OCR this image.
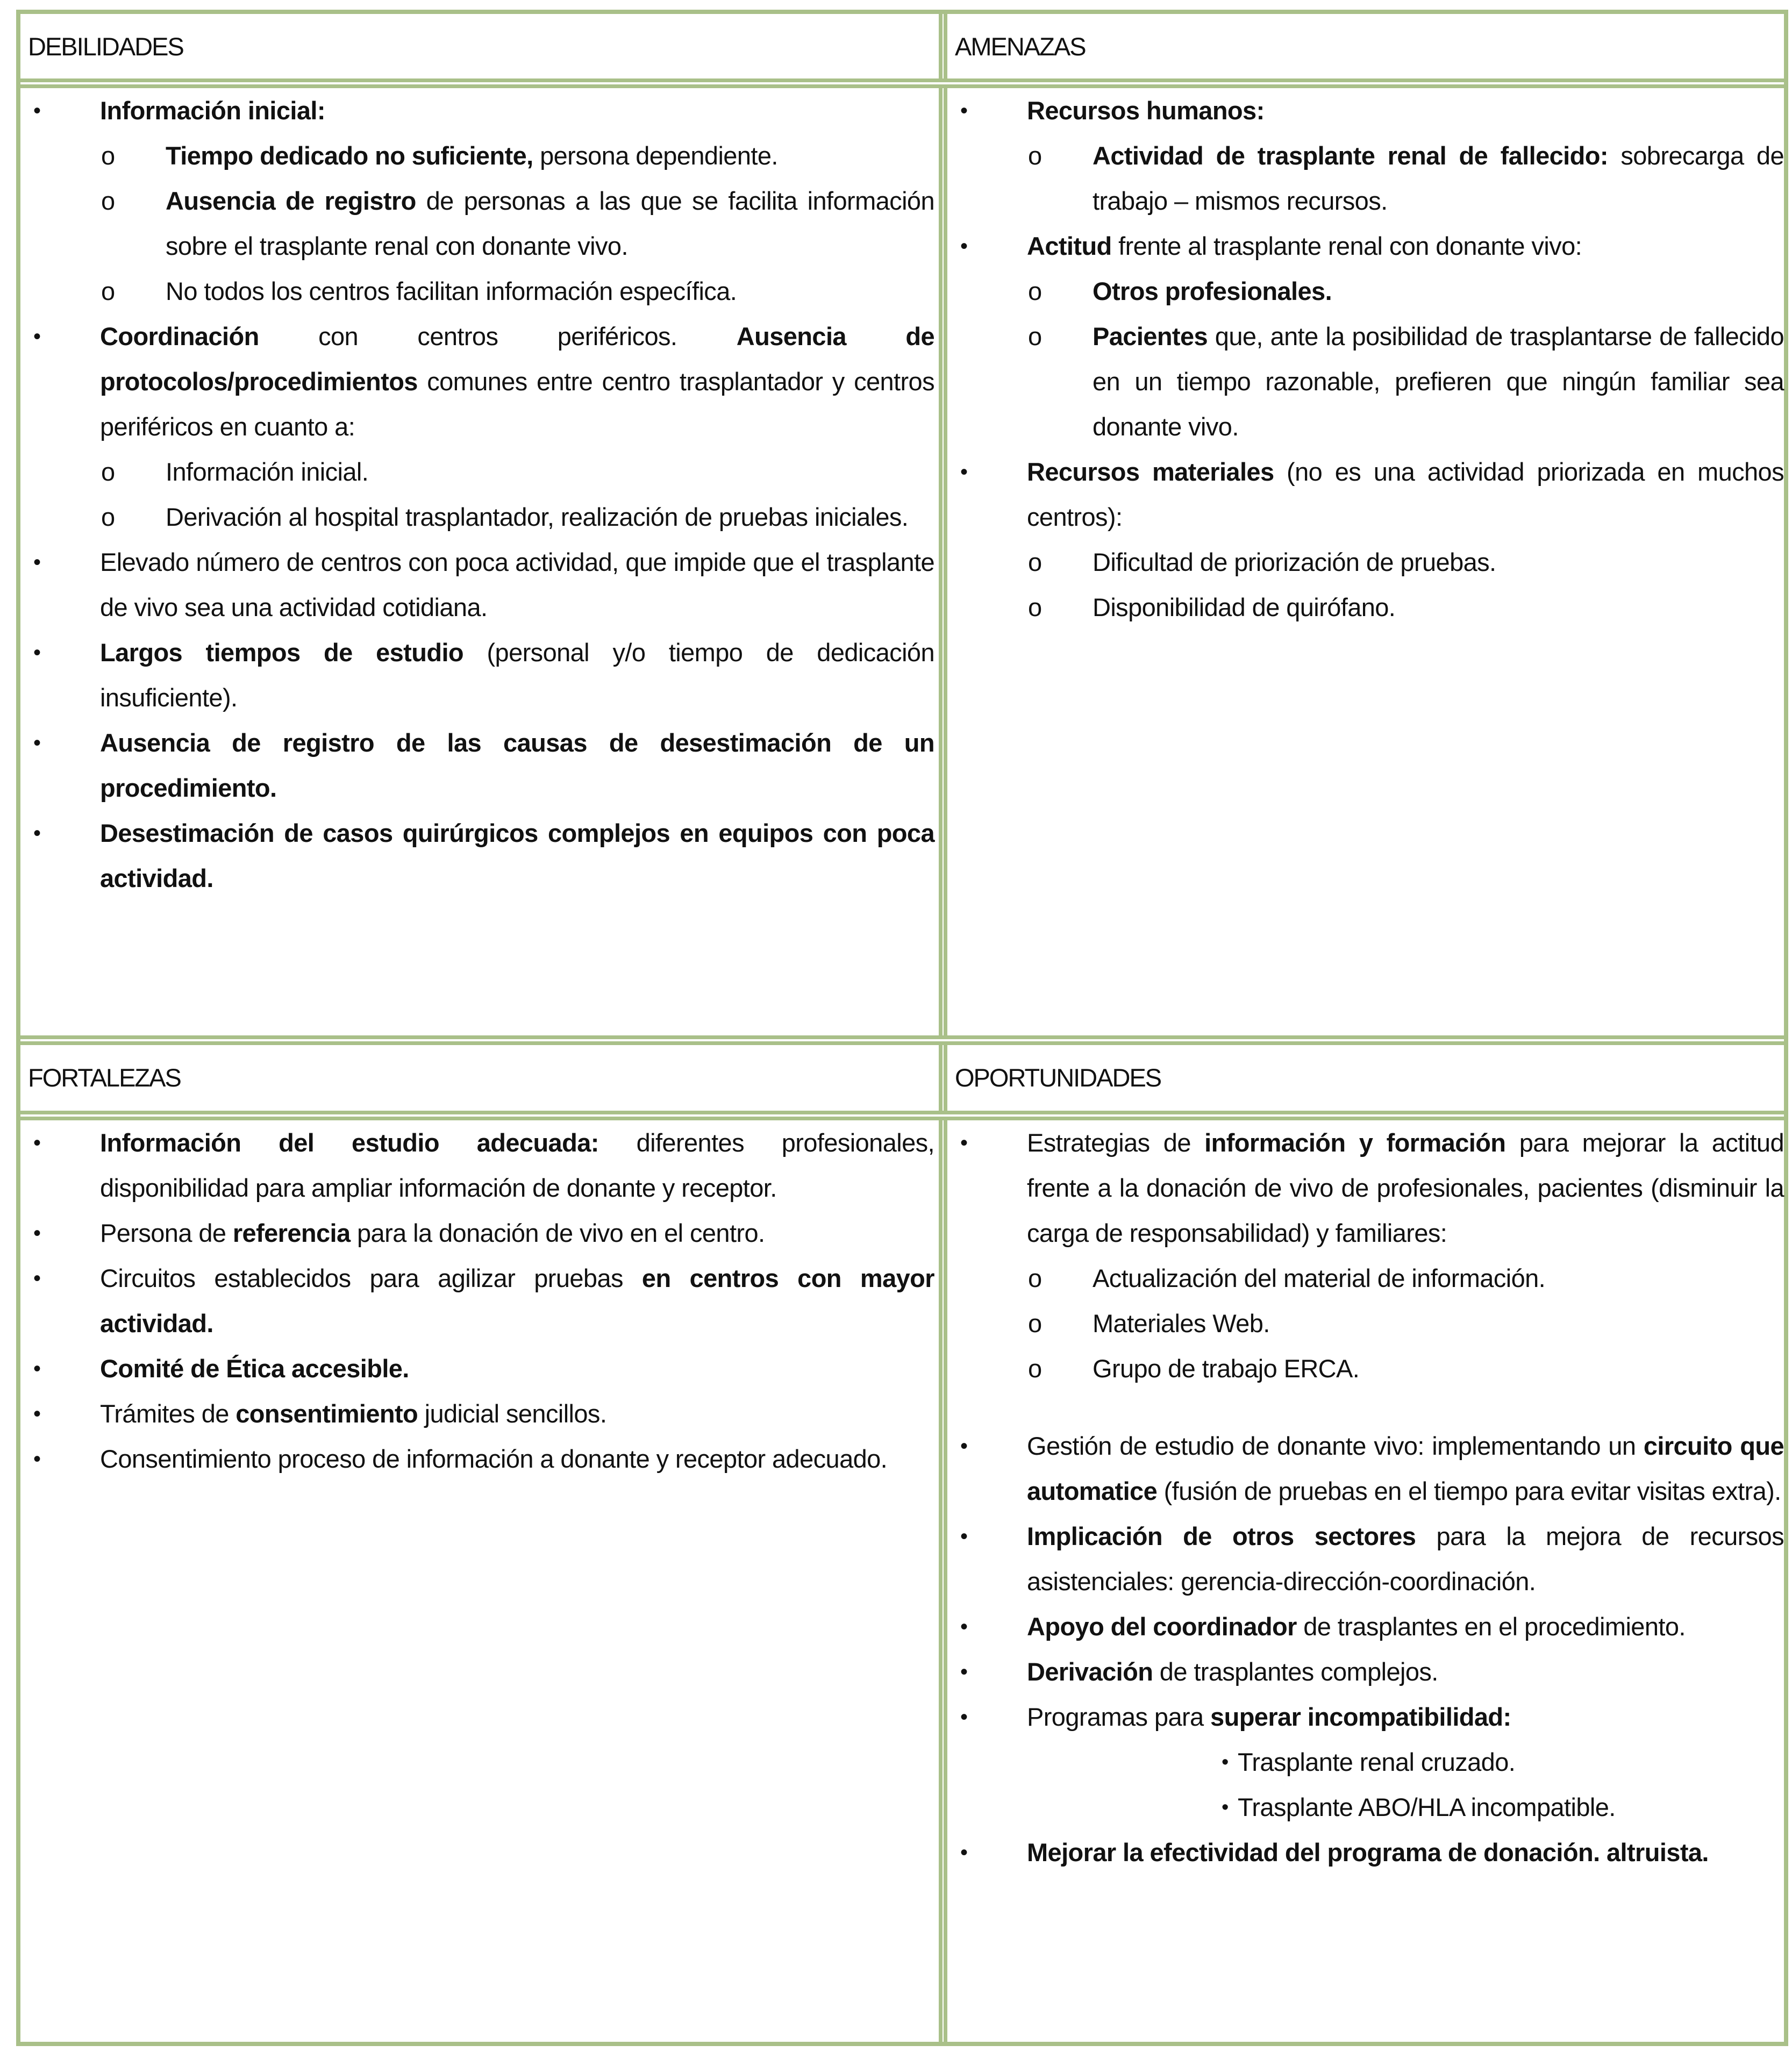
DEBILIDADES	AMENAZAS
FORTALEZAS	OPORTUNIDADES
• Información inicial:
o Tiempo dedicado no suficiente, persona dependiente.
o Ausencia de registro de personas a las que se facilita información sobre el trasplante renal con donante vivo.
o No todos los centros facilitan información específica.
• Coordinación con centros periféricos. Ausencia de protocolos/procedimientos comunes entre centro trasplantador y centros periféricos en cuanto a:
o Información inicial.
o Derivación al hospital trasplantador, realización de pruebas iniciales.
• Elevado número de centros con poca actividad, que impide que el trasplante de vivo sea una actividad cotidiana.
• Largos tiempos de estudio (personal y/o tiempo de dedicación insuficiente).
• Ausencia de registro de las causas de desestimación de un procedimiento.
• Desestimación de casos quirúrgicos complejos en equipos con poca actividad.
• Recursos humanos:
o Actividad de trasplante renal de fallecido: sobrecarga de trabajo – mismos recursos.
• Actitud frente al trasplante renal con donante vivo:
o Otros profesionales.
o Pacientes que, ante la posibilidad de trasplantarse de fallecido en un tiempo razonable, prefieren que ningún familiar sea donante vivo.
• Recursos materiales (no es una actividad priorizada en muchos centros):
o Dificultad de priorización de pruebas.
o Disponibilidad de quirófano.
• Información del estudio adecuada: diferentes profesionales, disponibilidad para ampliar información de donante y receptor.
• Persona de referencia para la donación de vivo en el centro.
• Circuitos establecidos para agilizar pruebas en centros con mayor actividad.
• Comité de Ética accesible.
• Trámites de consentimiento judicial sencillos.
• Consentimiento proceso de información a donante y receptor adecuado.
• Estrategias de información y formación para mejorar la actitud frente a la donación de vivo de profesionales, pacientes (disminuir la carga de responsabilidad) y familiares:
o Actualización del material de información.
o Materiales Web.
o Grupo de trabajo ERCA.
• Gestión de estudio de donante vivo: implementando un circuito que automatice (fusión de pruebas en el tiempo para evitar visitas extra).
• Implicación de otros sectores para la mejora de recursos asistenciales: gerencia-dirección-coordinación.
• Apoyo del coordinador de trasplantes en el procedimiento.
• Derivación de trasplantes complejos.
• Programas para superar incompatibilidad:
• Trasplante renal cruzado.
• Trasplante ABO/HLA incompatible.
• Mejorar la efectividad del programa de donación. altruista.
